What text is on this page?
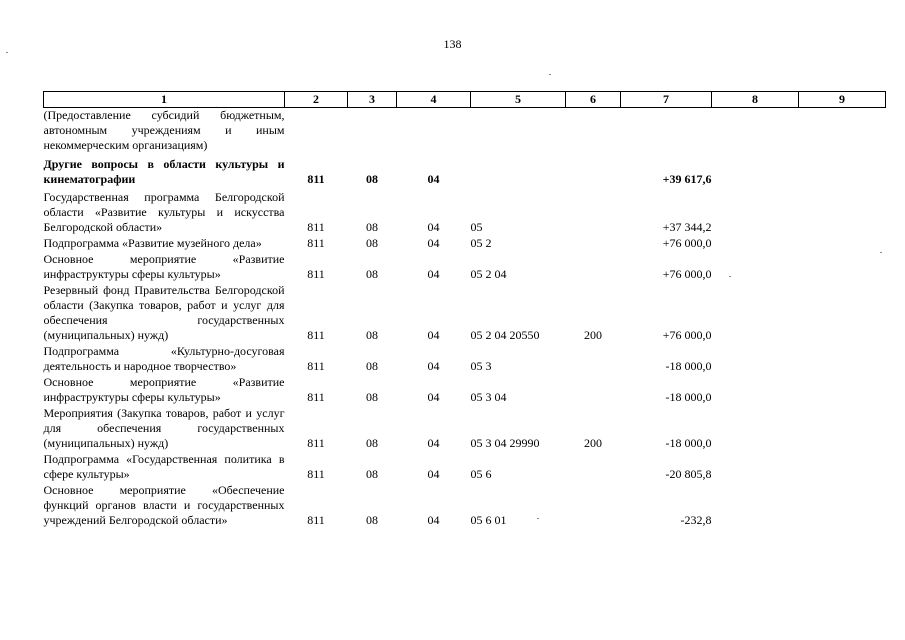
138
1	2	3	4	5	6	7	8	9
(Предоставление субсидий бюджетным, автономным учреждениям и иным некоммерческим организациям)								
Другие вопросы в области культуры и кинематографии	811	08	04			+39 617,6		
Государственная программа Белгородской области «Развитие культуры и искусства Белгородской области»	811	08	04	05		+37 344,2		
Подпрограмма «Развитие музейного дела»	811	08	04	05 2		+76 000,0		
Основное мероприятие «Развитие инфраструктуры сферы культуры»	811	08	04	05 2 04		+76 000,0		
Резервный фонд Правительства Белгородской области (Закупка товаров, работ и услуг для обеспечения государственных (муниципальных) нужд)	811	08	04	05 2 04 20550	200	+76 000,0		
Подпрограмма «Культурно-досуговая деятельность и народное творчество»	811	08	04	05 3		-18 000,0		
Основное мероприятие «Развитие инфраструктуры сферы культуры»	811	08	04	05 3 04		-18 000,0		
Мероприятия (Закупка товаров, работ и услуг для обеспечения государственных (муниципальных) нужд)	811	08	04	05 3 04 29990	200	-18 000,0		
Подпрограмма «Государственная политика в сфере культуры»	811	08	04	05 6		-20 805,8		
Основное мероприятие «Обеспечение функций органов власти и государственных учреждений Белгородской области»	811	08	04	05 6 01		-232,8		
